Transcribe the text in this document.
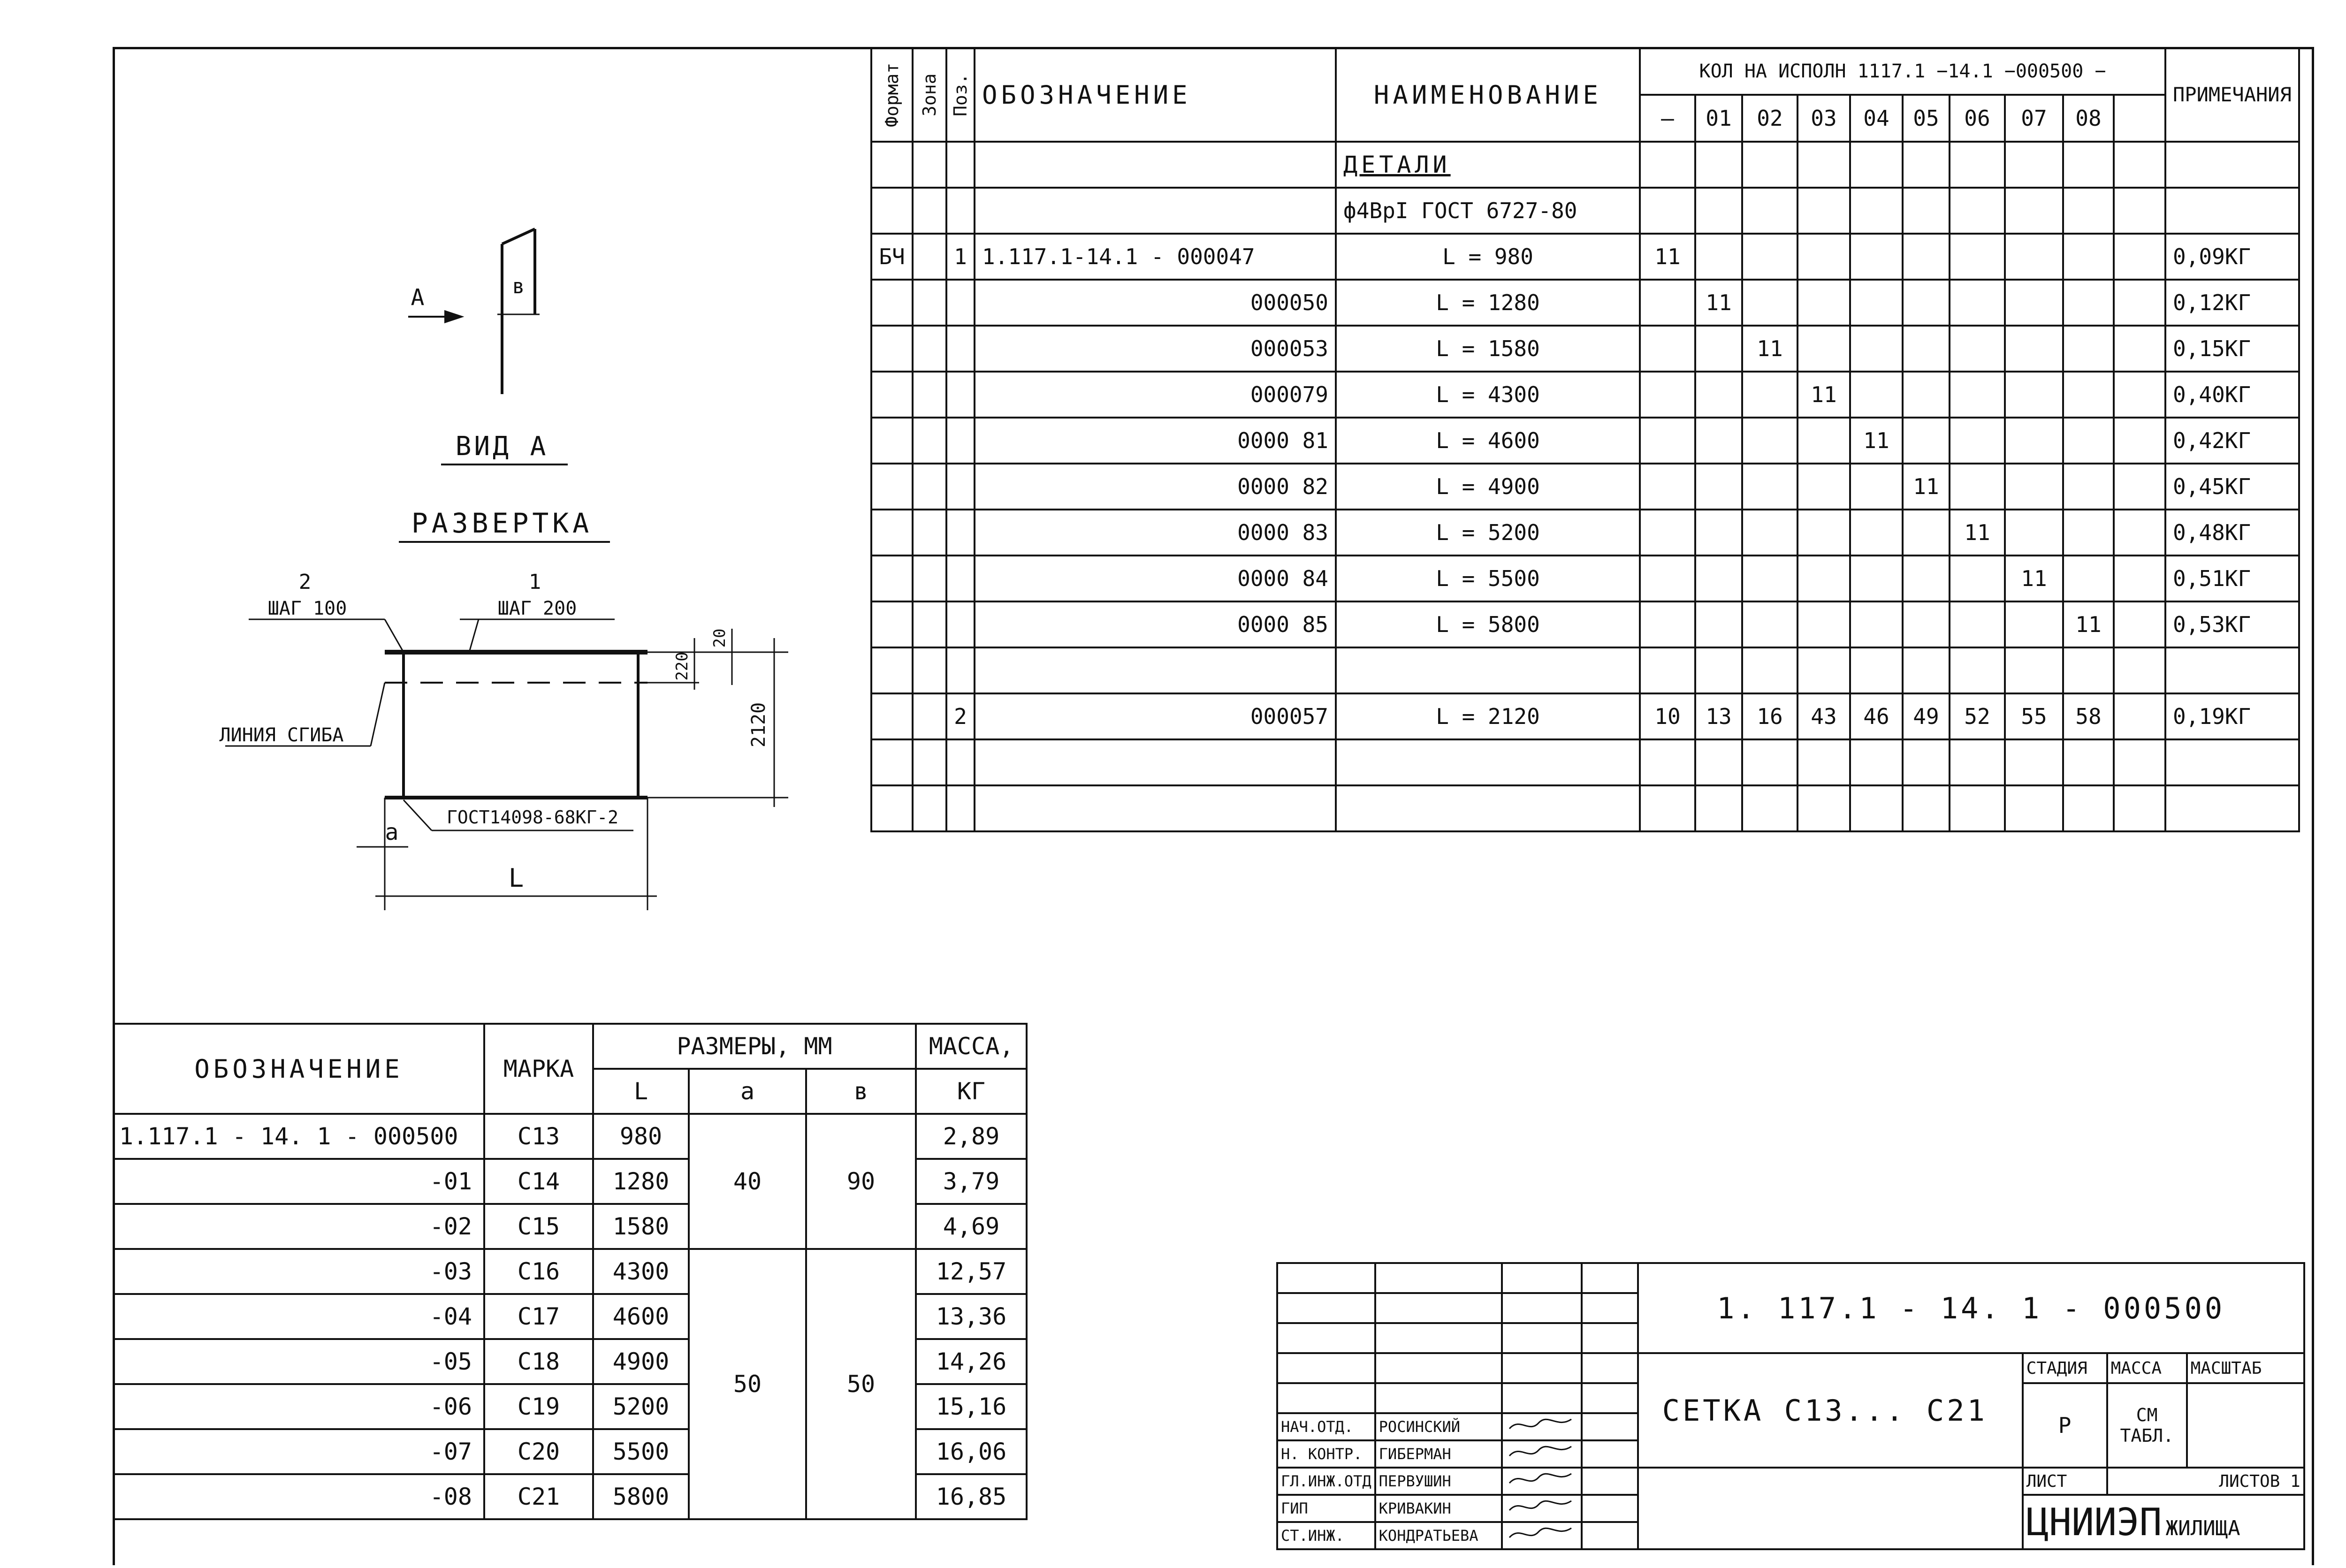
Формат	Зона	Поз.	ОБОЗНАЧЕНИЕ	НАИМЕНОВАНИЕ	КОЛ НА ИСПОЛН 1117.1 −14.1 −000500 −										ПРИМЕЧАНИЯ
					—	01	02	03	04	05	06	07	08		
				ДЕТАЛИ											
				ф4ВрI ГОСТ 6727-80											
БЧ		1	1.117.1-14.1 - 000047	L = 980	11										0,09КГ
			000050	L = 1280		11									0,12КГ
			000053	L = 1580			11								0,15КГ
			000079	L = 4300				11							0,40КГ
			0000 81	L = 4600					11						0,42КГ
			0000 82	L = 4900						11					0,45КГ
			0000 83	L = 5200							11				0,48КГ
			0000 84	L = 5500								11			0,51КГ
			0000 85	L = 5800									11		0,53КГ

		2	000057	L = 2120	10	13	16	43	46	49	52	55	58		0,19КГ

А	в
ВИД А
РАЗВЕРТКА
2
ШАГ 100
1
ШАГ 200
ЛИНИЯ СГИБА
20
220
2120
а
L
ГОСТ14098-68КГ-2
ОБОЗНАЧЕНИЕ	МАРКА	РАЗМЕРЫ, ММ			МАССА,
		L	а	в	КГ
1.117.1 - 14. 1 - 000500	С13	980	40	90	2,89
-01	С14	1280			3,79
-02	С15	1580			4,69
-03	С16	4300	50	50	12,57
-04	С17	4600			13,36
-05	С18	4900			14,26
-06	С19	5200			15,16
-07	С20	5500			16,06
-08	С21	5800			16,85
				1. 117.1 - 14. 1 - 000500			

				СЕТКА С13... С21	СТАДИЯ	МАССА	МАСШТАБ
					Р	СМ ТАБЛ.	
НАЧ.ОТД.	РОСИНСКИЙ		
Н. КОНТР.	ГИБЕРМАН		
ГЛ.ИНЖ.ОТД	ПЕРВУШИН				ЛИСТ	ЛИСТОВ 1	
ГИП	КРИВАКИН				ЦНИИЭП ЖИЛИЩА		
СТ.ИНЖ.	КОНДРАТЬЕВА		
